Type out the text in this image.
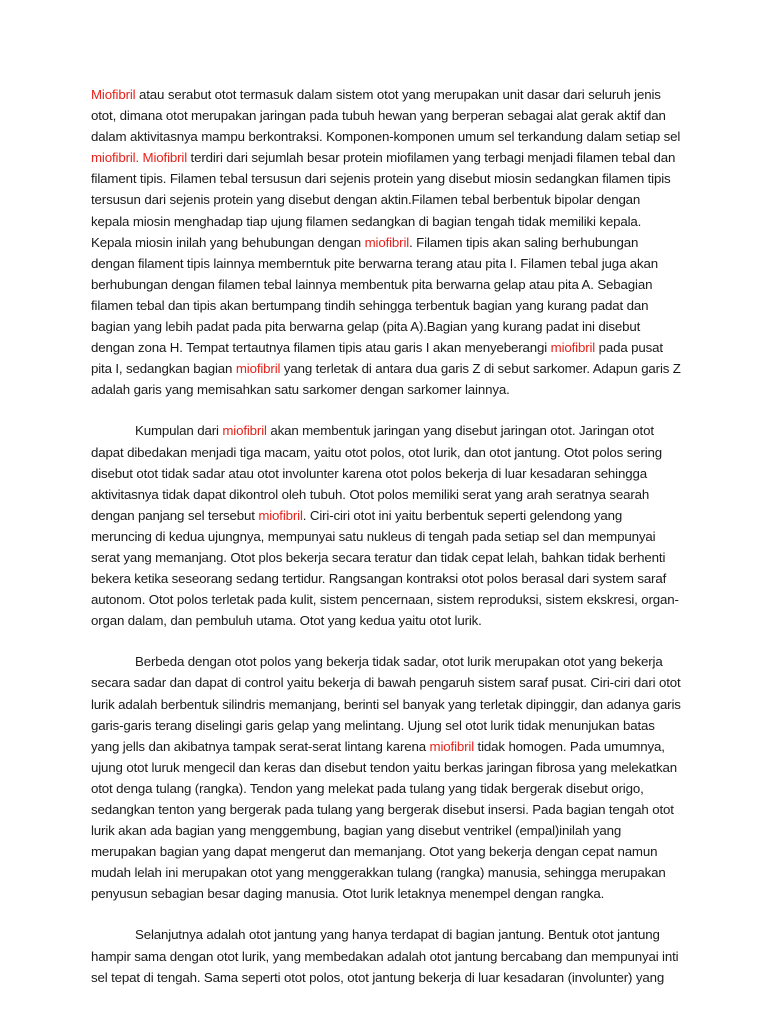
Miofibril atau serabut otot termasuk dalam sistem otot yang merupakan unit dasar dari seluruh jenis otot, dimana otot merupakan jaringan pada tubuh hewan yang berperan sebagai alat gerak aktif dan dalam aktivitasnya mampu berkontraksi. Komponen-komponen umum sel terkandung dalam setiap sel miofibril. Miofibril terdiri dari sejumlah besar protein miofilamen yang terbagi menjadi filamen tebal dan filament tipis. Filamen tebal tersusun dari sejenis protein yang disebut miosin sedangkan filamen tipis tersusun dari sejenis protein yang disebut dengan aktin.Filamen tebal berbentuk bipolar dengan kepala miosin menghadap tiap ujung filamen sedangkan di bagian tengah tidak memiliki kepala. Kepala miosin inilah yang behubungan dengan miofibril. Filamen tipis akan saling berhubungan dengan filament tipis lainnya memberntuk pite berwarna terang atau pita I. Filamen tebal juga akan berhubungan dengan filamen tebal lainnya membentuk pita berwarna gelap atau pita A. Sebagian filamen tebal dan tipis akan bertumpang tindih sehingga terbentuk bagian yang kurang padat dan bagian yang lebih padat pada pita berwarna gelap (pita A).Bagian yang kurang padat ini disebut dengan zona H. Tempat tertautnya filamen tipis atau garis I akan menyeberangi miofibril pada pusat pita I, sedangkan bagian miofibril yang terletak di antara dua garis Z di sebut sarkomer. Adapun garis Z adalah garis yang memisahkan satu sarkomer dengan sarkomer lainnya.

Kumpulan dari miofibril akan membentuk jaringan yang disebut jaringan otot. Jaringan otot dapat dibedakan menjadi tiga macam, yaitu otot polos, otot lurik, dan otot jantung. Otot polos sering disebut otot tidak sadar atau otot involunter karena otot polos bekerja di luar kesadaran sehingga aktivitasnya tidak dapat dikontrol oleh tubuh. Otot polos memiliki serat yang arah seratnya searah dengan panjang sel tersebut miofibril. Ciri-ciri otot ini yaitu berbentuk seperti gelendong yang meruncing di kedua ujungnya, mempunyai satu nukleus di tengah pada setiap sel dan mempunyai serat yang memanjang. Otot plos bekerja secara teratur dan tidak cepat lelah, bahkan tidak berhenti bekera ketika seseorang sedang tertidur. Rangsangan kontraksi otot polos berasal dari system saraf autonom. Otot polos terletak pada kulit, sistem pencernaan, sistem reproduksi, sistem ekskresi, organ-organ dalam, dan pembuluh utama. Otot yang kedua yaitu otot lurik.

Berbeda dengan otot polos yang bekerja tidak sadar, otot lurik merupakan otot yang bekerja secara sadar dan dapat di control yaitu bekerja di bawah pengaruh sistem saraf pusat. Ciri-ciri dari otot lurik adalah berbentuk silindris memanjang, berinti sel banyak yang terletak dipinggir, dan adanya garis garis-garis terang diselingi garis gelap yang melintang. Ujung sel otot lurik tidak menunjukan batas yang jells dan akibatnya tampak serat-serat lintang karena miofibril tidak homogen. Pada umumnya, ujung otot luruk mengecil dan keras dan disebut tendon yaitu berkas jaringan fibrosa yang melekatkan otot denga tulang (rangka). Tendon yang melekat pada tulang yang tidak bergerak disebut origo, sedangkan tenton yang bergerak pada tulang yang bergerak disebut insersi. Pada bagian tengah otot lurik akan ada bagian yang menggembung, bagian yang disebut ventrikel (empal)inilah yang merupakan bagian yang dapat mengerut dan memanjang. Otot yang bekerja dengan cepat namun mudah lelah ini merupakan otot yang menggerakkan tulang (rangka) manusia, sehingga merupakan penyusun sebagian besar daging manusia. Otot lurik letaknya menempel dengan rangka.

Selanjutnya adalah otot jantung yang hanya terdapat di bagian jantung. Bentuk otot jantung hampir sama dengan otot lurik, yang membedakan adalah otot jantung bercabang dan mempunyai inti sel tepat di tengah. Sama seperti otot polos, otot jantung bekerja di luar kesadaran (involunter) yang
